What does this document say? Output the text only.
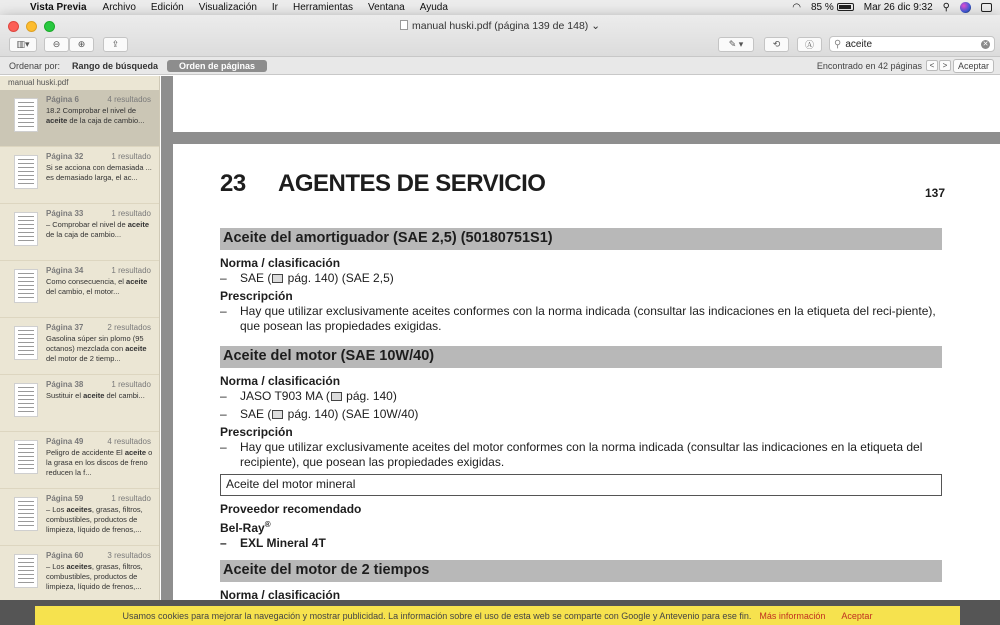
Vista Previa Archivo Edición Visualización Ir Herramientas Ventana Ayuda	◠ 85 %	Mar 26 dic 9:32 ⚲
manual huski.pdf (página 139 de 148) ⌄
▥▾	⊖ ⊕	⇪	✎ ▾	⟲	Ⓐ ⚲ aceite	✕
Ordenar por: Rango de búsqueda	Orden de páginas	Encontrado en 42 páginas <	>	Aceptar
manual huski.pdf
Página 6	4 resultados
18.2 Comprobar el nivel de aceite de la caja de cambio...
Página 32	1 resultado
Si se acciona con demasiada ... es demasiado larga, el ac...
Página 33	1 resultado
– Comprobar el nivel de aceite de la caja de cambio...
Página 34	1 resultado
Como consecuencia, el aceite del cambio, el motor...
Página 37	2 resultados
Gasolina súper sin plomo (95 octanos) mezclada con aceite del motor de 2 tiemp...
Página 38	1 resultado
Sustituir el aceite del cambi...
Página 49	4 resultados
Peligro de accidente El aceite o la grasa en los discos de freno reducen la f...
Página 59	1 resultado
– Los aceites, grasas, filtros, combustibles, productos de limpieza, líquido de frenos,...
Página 60	3 resultados
– Los aceites, grasas, filtros, combustibles, productos de limpieza, líquido de frenos,...
23 AGENTES DE SERVICIO	137
Aceite del amortiguador (SAE 2,5) (50180751S1)
Norma / clasificación
–	SAE ( pág. 140) (SAE 2,5)
Prescripción
–	Hay que utilizar exclusivamente aceites conformes con la norma indicada (consultar las indicaciones en la etiqueta del reci-piente), que posean las propiedades exigidas.
Aceite del motor (SAE 10W/40)
Norma / clasificación
–	JASO T903 MA ( pág. 140)
–	SAE ( pág. 140) (SAE 10W/40)
Prescripción
–	Hay que utilizar exclusivamente aceites del motor conformes con la norma indicada (consultar las indicaciones en la etiqueta del recipiente), que posean las propiedades exigidas.
Aceite del motor mineral
Proveedor recomendado
Bel-Ray®
–	EXL Mineral 4T
Aceite del motor de 2 tiempos
Norma / clasificación
Usamos cookies para mejorar la navegación y mostrar publicidad. La información sobre el uso de esta web se comparte con Google y Antevenio para ese fin. Más información Aceptar
